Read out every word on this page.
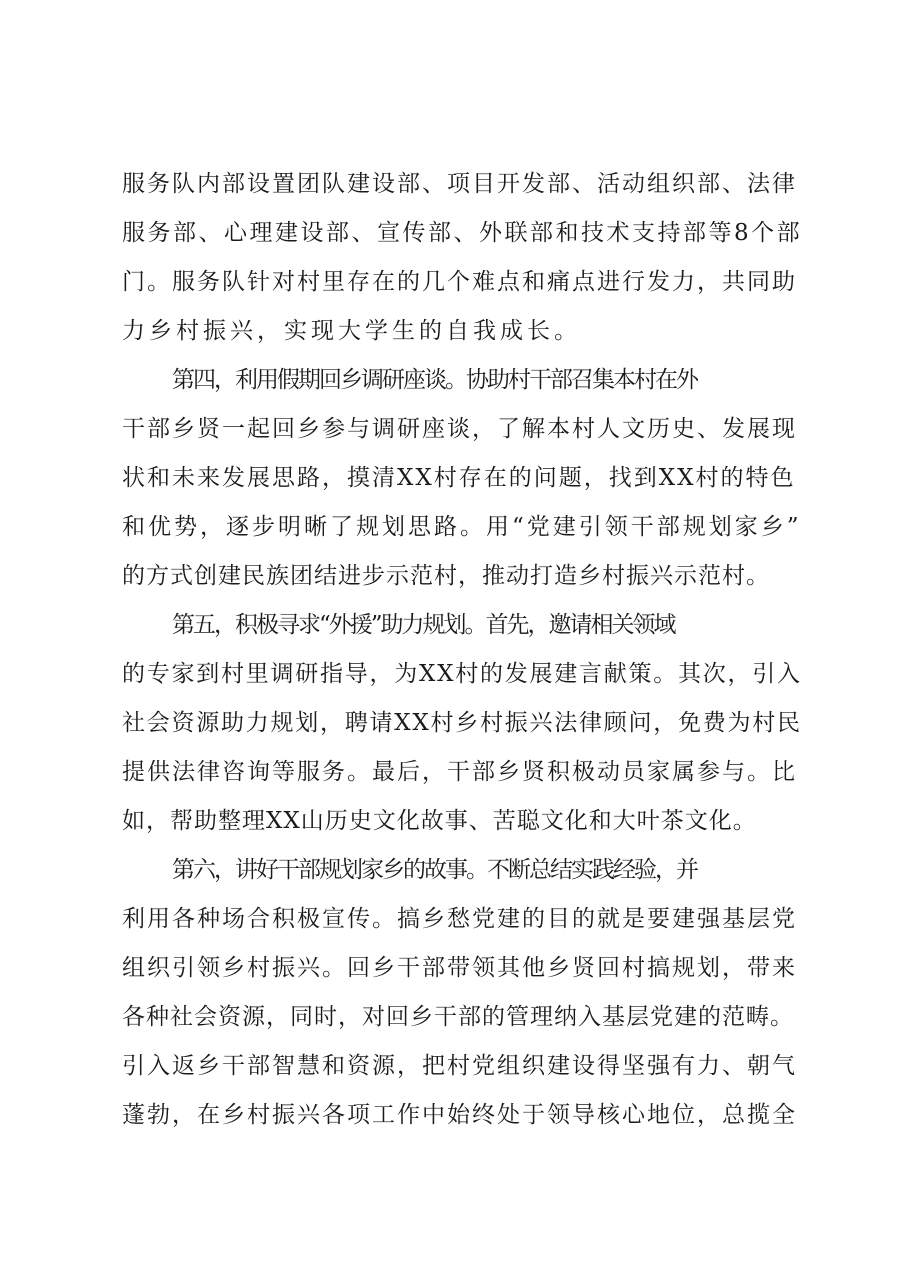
服务队内部设置团队建设部、项目开发部、活动组织部、法律
服务部、心理建设部、宣传部、外联部和技术支持部等8个部
门。服务队针对村里存在的几个难点和痛点进行发力，共同助
力乡村振兴，实现大学生的自我成长。
第四，利用假期回乡调研座谈。协助村干部召集本村在外
干部乡贤一起回乡参与调研座谈，了解本村人文历史、发展现
状和未来发展思路，摸清XX村存在的问题，找到XX村的特色
和优势，逐步明晰了规划思路。用“党建引领干部规划家乡”
的方式创建民族团结进步示范村，推动打造乡村振兴示范村。
第五，积极寻求“外援”助力规划。首先，邀请相关领域
的专家到村里调研指导，为XX村的发展建言献策。其次，引入
社会资源助力规划，聘请XX村乡村振兴法律顾问，免费为村民
提供法律咨询等服务。最后，干部乡贤积极动员家属参与。比
如，帮助整理XX山历史文化故事、苦聪文化和大叶茶文化。
第六，讲好干部规划家乡的故事。不断总结实践经验，并
利用各种场合积极宣传。搞乡愁党建的目的就是要建强基层党
组织引领乡村振兴。回乡干部带领其他乡贤回村搞规划，带来
各种社会资源，同时，对回乡干部的管理纳入基层党建的范畴。
引入返乡干部智慧和资源，把村党组织建设得坚强有力、朝气
蓬勃，在乡村振兴各项工作中始终处于领导核心地位，总揽全
